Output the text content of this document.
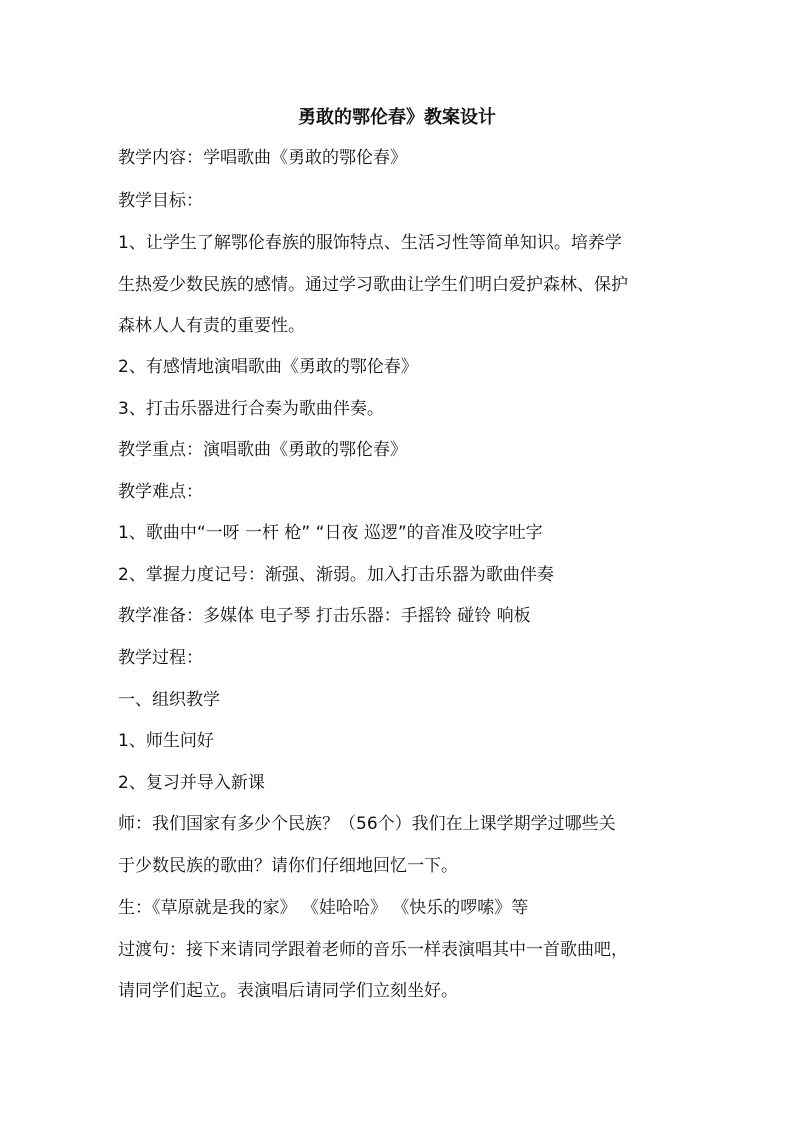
勇敢的鄂伦春》教案设计
教学内容：学唱歌曲《勇敢的鄂伦春》
教学目标：
1、让学生了解鄂伦春族的服饰特点、生活习性等简单知识。培养学
生热爱少数民族的感情。通过学习歌曲让学生们明白爱护森林、保护
森林人人有责的重要性。
2、有感情地演唱歌曲《勇敢的鄂伦春》
3、打击乐器进行合奏为歌曲伴奏。
教学重点：演唱歌曲《勇敢的鄂伦春》
教学难点：
1、歌曲中“一呀 一杆 枪” “日夜 巡逻”的音准及咬字吐字
2、掌握力度记号：渐强、渐弱。加入打击乐器为歌曲伴奏
教学准备：多媒体 电子琴 打击乐器：手摇铃 碰铃 响板
教学过程：
一、组织教学
1、师生问好
2、复习并导入新课
师：我们国家有多少个民族？（56个）我们在上课学期学过哪些关
于少数民族的歌曲？请你们仔细地回忆一下。
生：《草原就是我的家》 《娃哈哈》 《快乐的啰嗦》等
过渡句：接下来请同学跟着老师的音乐一样表演唱其中一首歌曲吧，
请同学们起立。表演唱后请同学们立刻坐好。
